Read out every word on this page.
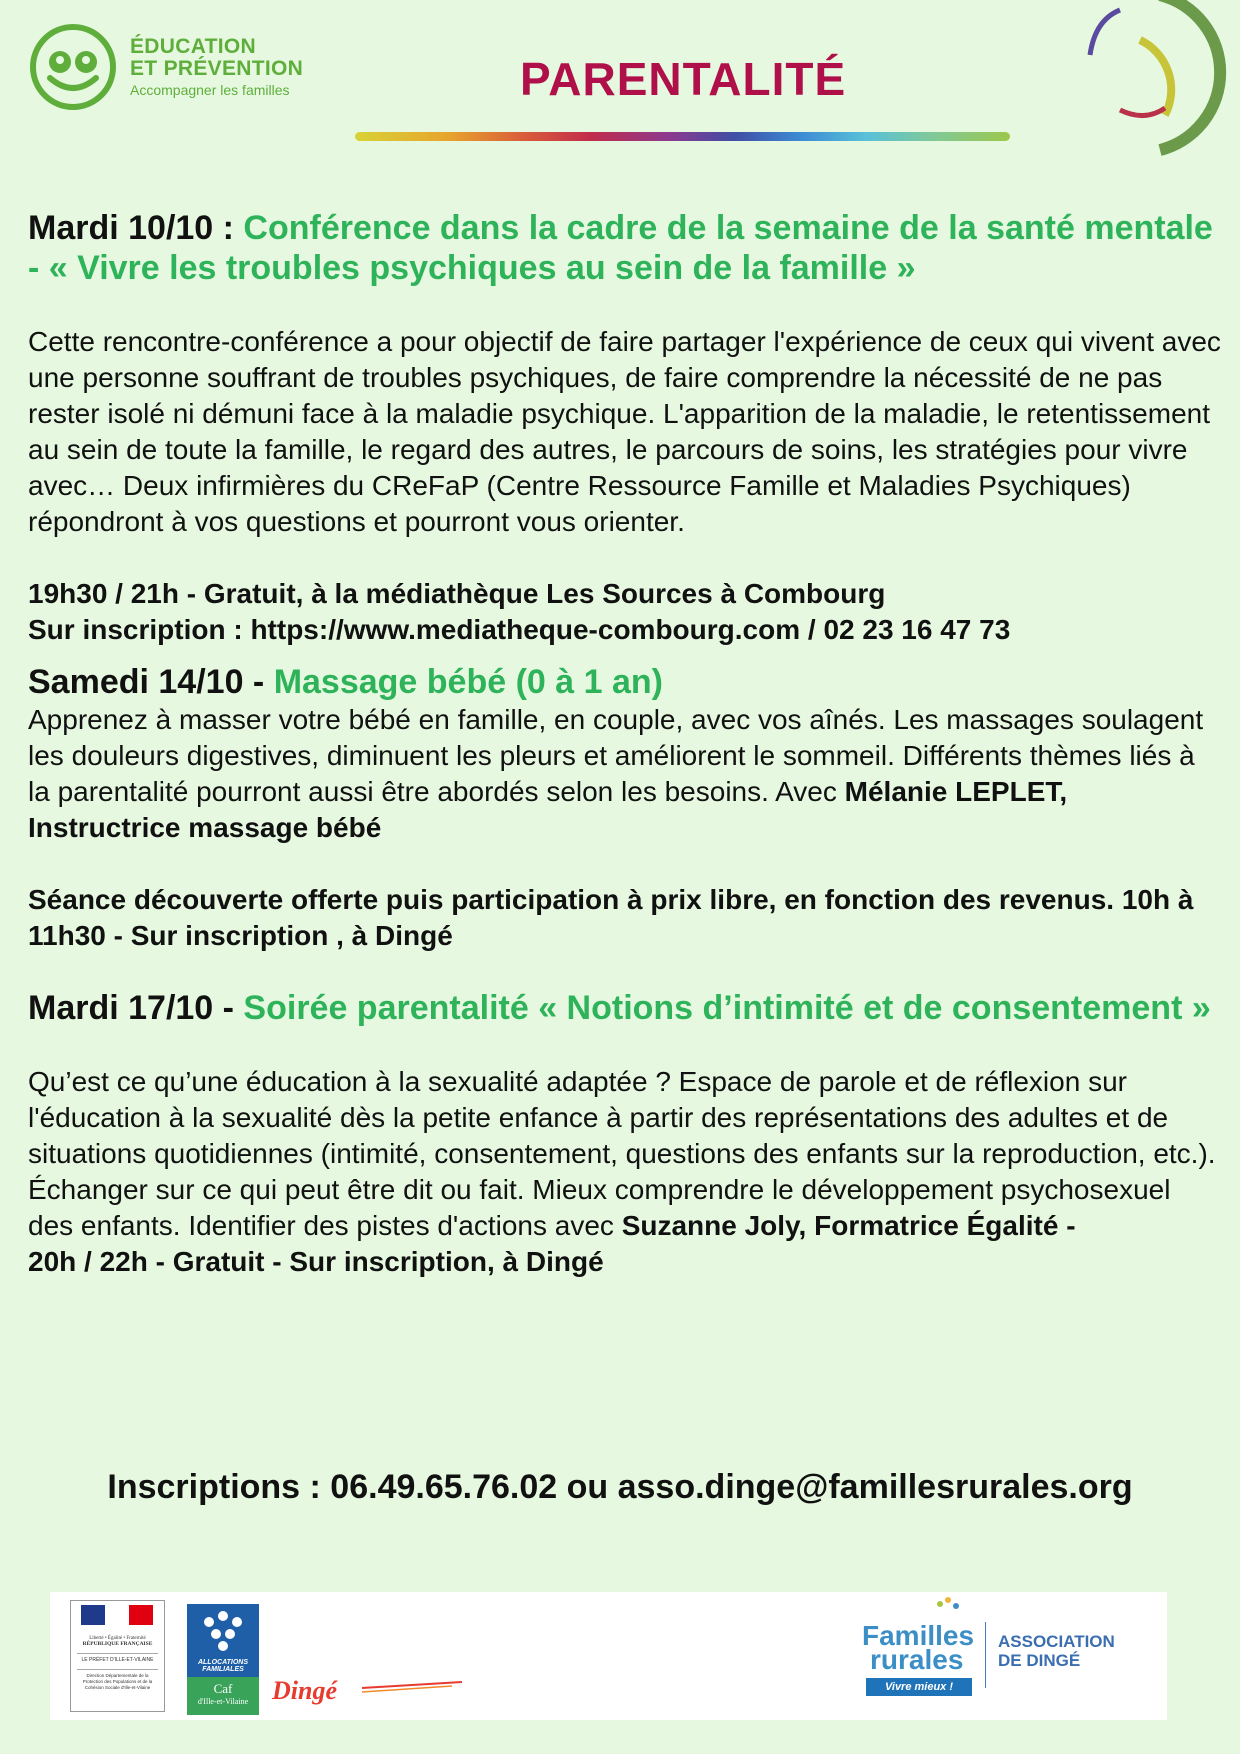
ÉDUCATION
ET PRÉVENTION
Accompagner les familles	PARENTALITÉ
Mardi 10/10 : Conférence dans la cadre de la semaine de la santé mentale - « Vivre les troubles psychiques au sein de la famille »

Cette rencontre-conférence a pour objectif de faire partager l'expérience de ceux qui vivent avec une personne souffrant de troubles psychiques, de faire comprendre la nécessité de ne pas rester isolé ni démuni face à la maladie psychique. L'apparition de la maladie, le retentissement au sein de toute la famille, le regard des autres, le parcours de soins, les stratégies pour vivre avec… Deux infirmières du CReFaP (Centre Ressource Famille et Maladies Psychiques) répondront à vos questions et pourront vous orienter.

19h30 / 21h - Gratuit, à la médiathèque Les Sources à Combourg

Sur inscription : https://www.mediatheque-combourg.com / 02 23 16 47 73

Samedi 14/10 - Massage bébé (0 à 1 an)

Apprenez à masser votre bébé en famille, en couple, avec vos aînés. Les massages soulagent les douleurs digestives, diminuent les pleurs et améliorent le sommeil. Différents thèmes liés à la parentalité pourront aussi être abordés selon les besoins. Avec Mélanie LEPLET, Instructrice massage bébé

Séance découverte offerte puis participation à prix libre, en fonction des revenus. 10h à 11h30 - Sur inscription , à Dingé

Mardi 17/10 - Soirée parentalité « Notions d’intimité et de consentement »

Qu’est ce qu’une éducation à la sexualité adaptée ? Espace de parole et de réflexion sur l'éducation à la sexualité dès la petite enfance à partir des représentations des adultes et de situations quotidiennes (intimité, consentement, questions des enfants sur la reproduction, etc.). Échanger sur ce qui peut être dit ou fait. Mieux comprendre le développement psychosexuel des enfants. Identifier des pistes d'actions avec Suzanne Joly, Formatrice Égalité -

20h / 22h - Gratuit - Sur inscription, à Dingé

Inscriptions : 06.49.65.76.02 ou asso.dinge@famillesrurales.org
Liberté • Égalité • Fraternité
RÉPUBLIQUE FRANÇAISE
LE PRÉFET D'ILLE-ET-VILAINE
Direction Départementale de la Protection des Populations et de la Cohésion Sociale d'Ille-et-Vilaine
ALLOCATIONS
FAMILIALES
Caf
d'Ille-et-Vilaine Dingé
Familles
rurales
Vivre mieux !
ASSOCIATION
DE DINGÉ
